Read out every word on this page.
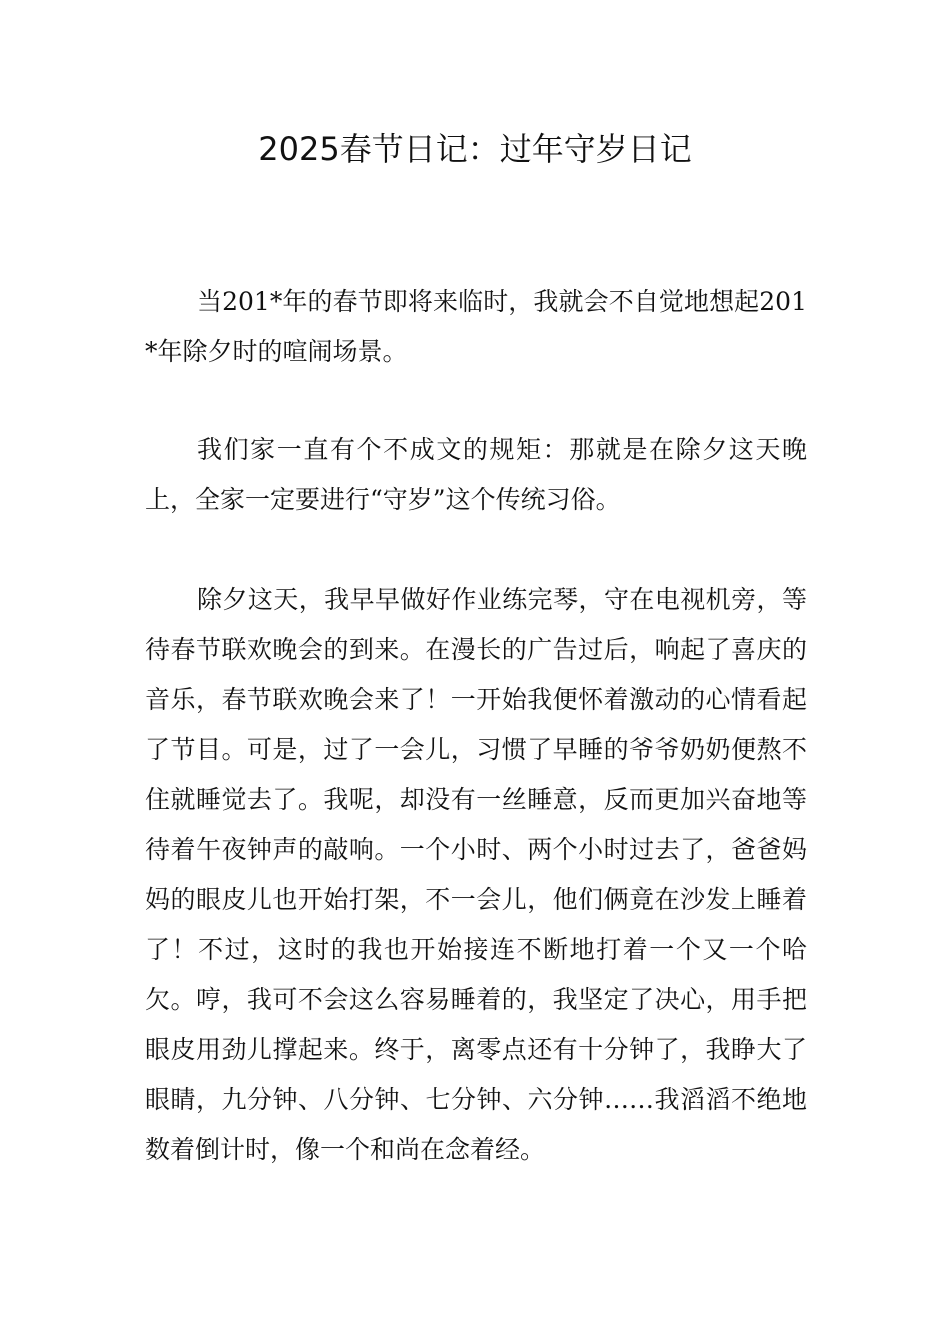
2025春节日记：过年守岁日记

当201*年的春节即将来临时，我就会不自觉地想起201*年除夕时的喧闹场景。

我们家一直有个不成文的规矩：那就是在除夕这天晚上，全家一定要进行“守岁”这个传统习俗。

除夕这天，我早早做好作业练完琴，守在电视机旁，等待春节联欢晚会的到来。在漫长的广告过后，响起了喜庆的音乐，春节联欢晚会来了！一开始我便怀着激动的心情看起了节目。可是，过了一会儿，习惯了早睡的爷爷奶奶便熬不住就睡觉去了。我呢，却没有一丝睡意，反而更加兴奋地等待着午夜钟声的敲响。一个小时、两个小时过去了，爸爸妈妈的眼皮儿也开始打架，不一会儿，他们俩竟在沙发上睡着了！不过，这时的我也开始接连不断地打着一个又一个哈欠。哼，我可不会这么容易睡着的，我坚定了决心，用手把眼皮用劲儿撑起来。终于，离零点还有十分钟了，我睁大了眼睛，九分钟、八分钟、七分钟、六分钟……我滔滔不绝地数着倒计时，像一个和尚在念着经。
